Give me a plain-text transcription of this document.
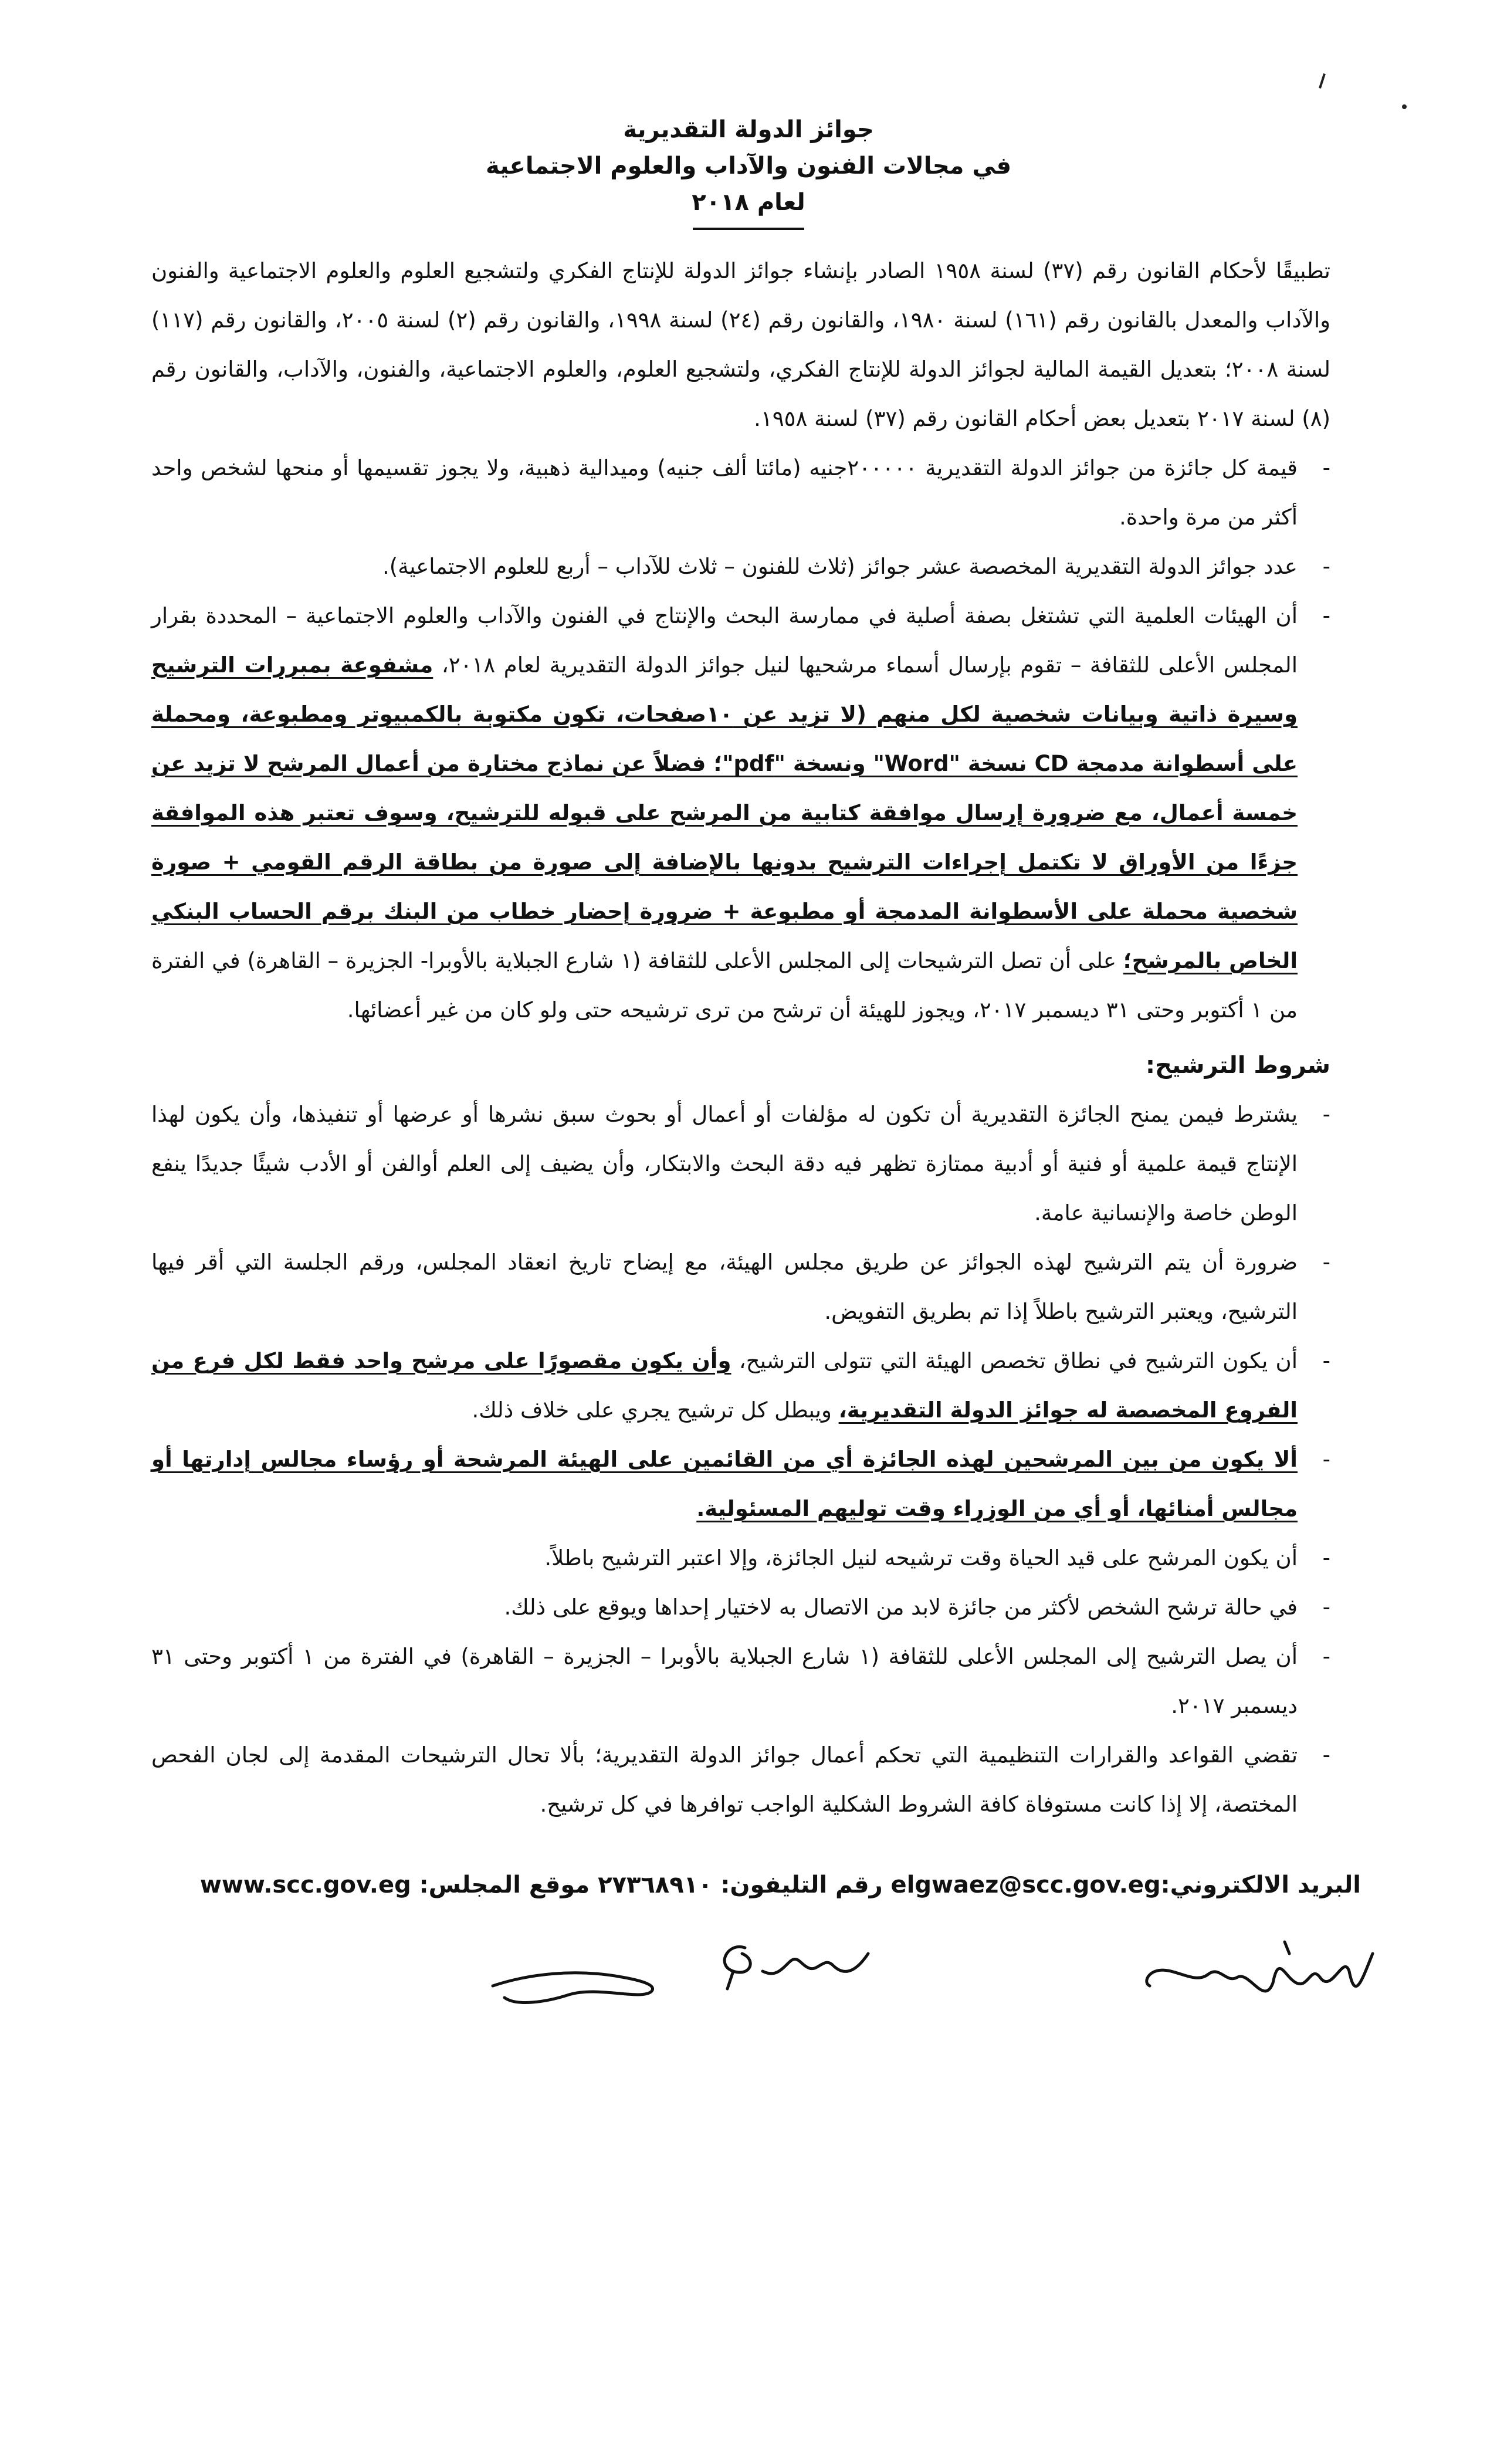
جوائز الدولة التقديرية
في مجالات الفنون والآداب والعلوم الاجتماعية
لعام ٢٠١٨

تطبيقًا لأحكام القانون رقم (٣٧) لسنة ١٩٥٨ الصادر بإنشاء جوائز الدولة للإنتاج الفكري ولتشجيع العلوم والعلوم الاجتماعية والفنون والآداب والمعدل بالقانون رقم (١٦١) لسنة ١٩٨٠، والقانون رقم (٢٤) لسنة ١٩٩٨، والقانون رقم (٢) لسنة ٢٠٠٥، والقانون رقم (١١٧) لسنة ٢٠٠٨؛ بتعديل القيمة المالية لجوائز الدولة للإنتاج الفكري، ولتشجيع العلوم، والعلوم الاجتماعية، والفنون، والآداب، والقانون رقم (٨) لسنة ٢٠١٧ بتعديل بعض أحكام القانون رقم (٣٧) لسنة ١٩٥٨.

-
قيمة كل جائزة من جوائز الدولة التقديرية ٢٠٠٠٠٠جنيه (مائتا ألف جنيه) وميدالية ذهبية، ولا يجوز تقسيمها أو منحها لشخص واحد أكثر من مرة واحدة.

-
عدد جوائز الدولة التقديرية المخصصة عشر جوائز (ثلاث للفنون – ثلاث للآداب – أربع للعلوم الاجتماعية).

-
أن الهيئات العلمية التي تشتغل بصفة أصلية في ممارسة البحث والإنتاج في الفنون والآداب والعلوم الاجتماعية – المحددة بقرار المجلس الأعلى للثقافة – تقوم بإرسال أسماء مرشحيها لنيل جوائز الدولة التقديرية لعام ٢٠١٨، مشفوعة بمبررات الترشيح وسيرة ذاتية وبيانات شخصية لكل منهم (لا تزيد عن ١٠صفحات، تكون مكتوبة بالكمبيوتر ومطبوعة، ومحملة على أسطوانة مدمجة CD نسخة "Word" ونسخة "pdf"؛ فضلاً عن نماذج مختارة من أعمال المرشح لا تزيد عن خمسة أعمال، مع ضرورة إرسال موافقة كتابية من المرشح على قبوله للترشيح، وسوف تعتبر هذه الموافقة جزءًا من الأوراق لا تكتمل إجراءات الترشيح بدونها بالإضافة إلى صورة من بطاقة الرقم القومي + صورة شخصية محملة على الأسطوانة المدمجة أو مطبوعة + ضرورة إحضار خطاب من البنك برقم الحساب البنكي الخاص بالمرشح؛ على أن تصل الترشيحات إلى المجلس الأعلى للثقافة (١ شارع الجبلاية بالأوبرا- الجزيرة – القاهرة) في الفترة من ١ أكتوبر وحتى ٣١ ديسمبر ٢٠١٧، ويجوز للهيئة أن ترشح من ترى ترشيحه حتى ولو كان من غير أعضائها.

شروط الترشيح:

-
يشترط فيمن يمنح الجائزة التقديرية أن تكون له مؤلفات أو أعمال أو بحوث سبق نشرها أو عرضها أو تنفيذها، وأن يكون لهذا الإنتاج قيمة علمية أو فنية أو أدبية ممتازة تظهر فيه دقة البحث والابتكار، وأن يضيف إلى العلم أوالفن أو الأدب شيئًا جديدًا ينفع الوطن خاصة والإنسانية عامة.

-
ضرورة أن يتم الترشيح لهذه الجوائز عن طريق مجلس الهيئة، مع إيضاح تاريخ انعقاد المجلس، ورقم الجلسة التي أقر فيها الترشيح، ويعتبر الترشيح باطلاً إذا تم بطريق التفويض.

-
أن يكون الترشيح في نطاق تخصص الهيئة التي تتولى الترشيح، وأن يكون مقصورًا على مرشح واحد فقط لكل فرع من الفروع المخصصة له جوائز الدولة التقديرية، ويبطل كل ترشيح يجري على خلاف ذلك.

-
ألا يكون من بين المرشحين لهذه الجائزة أي من القائمين على الهيئة المرشحة أو رؤساء مجالس إدارتها أو مجالس أمنائها، أو أي من الوزراء وقت توليهم المسئولية.

-
أن يكون المرشح على قيد الحياة وقت ترشيحه لنيل الجائزة، وإلا اعتبر الترشيح باطلاً.

-
في حالة ترشح الشخص لأكثر من جائزة لابد من الاتصال به لاختيار إحداها ويوقع على ذلك.

-
أن يصل الترشيح إلى المجلس الأعلى للثقافة (١ شارع الجبلاية بالأوبرا – الجزيرة – القاهرة) في الفترة من ١ أكتوبر وحتى ٣١ ديسمبر ٢٠١٧.

-
تقضي القواعد والقرارات التنظيمية التي تحكم أعمال جوائز الدولة التقديرية؛ بألا تحال الترشيحات المقدمة إلى لجان الفحص المختصة، إلا إذا كانت مستوفاة كافة الشروط الشكلية الواجب توافرها في كل ترشيح.

البريد الالكتروني:elgwaez@scc.gov.eg رقم التليفون: ٢٧٣٦٨٩١٠ موقع المجلس: www.scc.gov.eg
